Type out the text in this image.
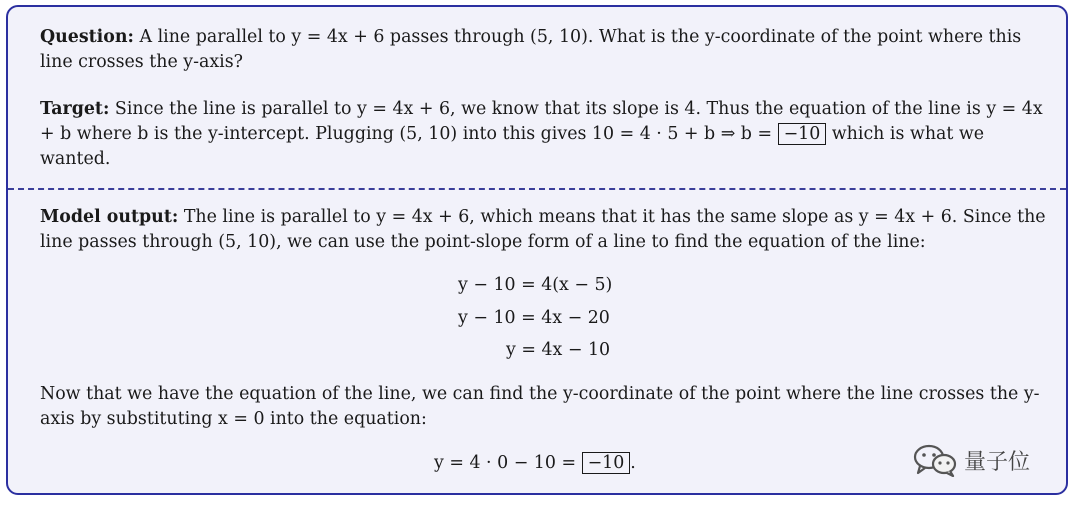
Question: A line parallel to y = 4x + 6 passes through (5, 10). What is the y-coordinate of the point where this line crosses the y-axis?

Target: Since the line is parallel to y = 4x + 6, we know that its slope is 4. Thus the equation of the line is y = 4x + b where b is the y-intercept. Plugging (5, 10) into this gives 10 = 4 · 5 + b ⇒ b = −10 which is what we wanted.

Model output: The line is parallel to y = 4x + 6, which means that it has the same slope as y = 4x + 6. Since the line passes through (5, 10), we can use the point-slope form of a line to find the equation of the line:

y − 10 = 4(x − 5)
y − 10 = 4x − 20
y = 4x − 10

Now that we have the equation of the line, we can find the y-coordinate of the point where the line crosses the y-axis by substituting x = 0 into the equation:

y = 4 · 0 − 10 = −10 .	量子位
